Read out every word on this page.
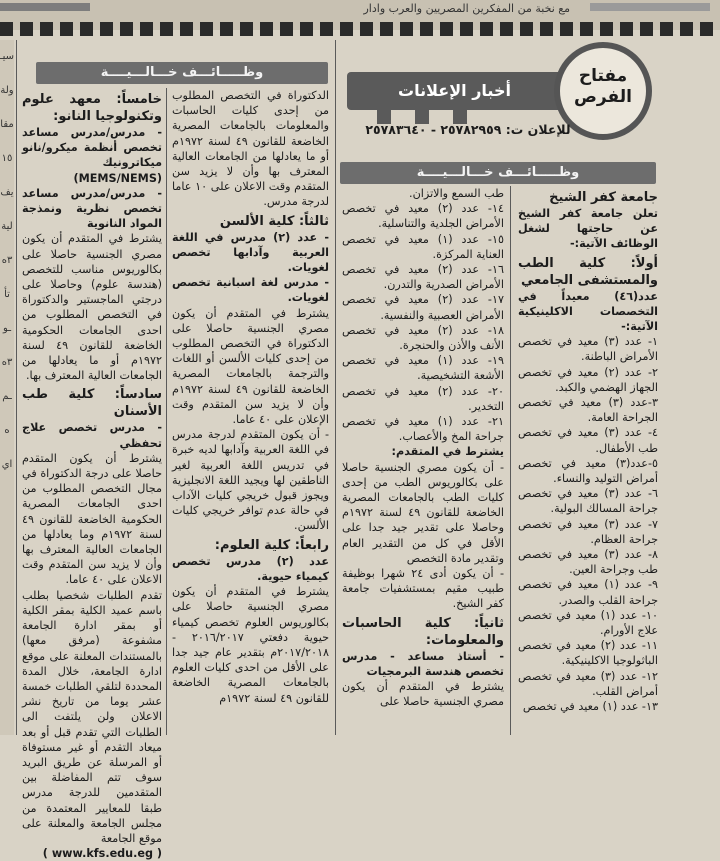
مع نخبة من المفكرين المصريين والعرب وادار
سيـ
ولة
مقا
١٥
يف
لية
٣ه
تأ
ـو
٣ه
ـم
ه
اي
أخبار الإعلانات
مفتاح
الفرص
للإعلان ت: ٢٥٧٨٢٩٥٩ - ٢٥٧٨٣٦٤٠
وظـــــائـــف خـــالـــيــــة
وظـــــائـــف خـــالـــيــــة

جامعة كفر الشيخ

تعلن جامعة كفر الشيخ عن حاجتها لشغل الوظائف الآتية:-

أولاً: كلية الطب والمستشفى الجامعي

عدد(٤٦) معيداً في التخصصات الاكلينيكية الآتية:-

١- عدد (٣) معيد في تخصص الأمراض الباطنة.

٢- عدد (٢) معيد في تخصص الجهاز الهضمي والكبد.

٣-عدد (٣) معيد في تخصص الجراحة العامة.

٤- عدد (٣) معيد في تخصص طب الأطفال.

٥-عدد(٣) معيد في تخصص أمراض التوليد والنساء.

٦- عدد (٣) معيد في تخصص جراحة المسالك البولية.

٧- عدد (٣) معيد في تخصص جراحة العظام.

٨- عدد (٣) معيد في تخصص طب وجراحة العين.

٩- عدد (١) معيد في تخصص جراحة القلب والصدر.

١٠- عدد (١) معيد في تخصص علاج الأورام.

١١- عدد (٢) معيد في تخصص الباثولوجيا الاكلينيكية.

١٢- عدد (٣) معيد في تخصص أمراض القلب.

١٣- عدد (١) معيد في تخصص

طب السمع والاتزان.

١٤- عدد (٢) معيد في تخصص الأمراض الجلدية والتناسلية.

١٥- عدد (١) معيد في تخصص العناية المركزة.

١٦- عدد (٢) معيد في تخصص الأمراض الصدرية والتدرن.

١٧- عدد (٢) معيد في تخصص الأمراض العصبية والنفسية.

١٨- عدد (٢) معيد في تخصص الأنف والأذن والحنجرة.

١٩- عدد (١) معيد في تخصص الأشعة التشخيصية.

٢٠- عدد (٢) معيد في تخصص التخدير.

٢١- عدد (١) معيد في تخصص جراحة المخ والأعصاب.

يشترط في المتقدم:

- أن يكون مصري الجنسية حاصلا على بكالوريوس الطب من إحدى كليات الطب بالجامعات المصرية الخاضعة للقانون ٤٩ لسنة ١٩٧٢م وحاصلا على تقدير جيد جدا على الأقل في كل من التقدير العام وتقدير مادة التخصص

- أن يكون أدى ٢٤ شهرا بوظيفة طبيب مقيم بمستشفيات جامعة كفر الشيخ.

ثانياً: كلية الحاسبات والمعلومات:

- أستاذ مساعد - مدرس تخصص هندسة البرمجيات

يشترط في المتقدم أن يكون مصري الجنسية حاصلا على

الدكتوراة في التخصص المطلوب من إحدى كليات الحاسبات والمعلومات بالجامعات المصرية الخاضعة للقانون ٤٩ لسنة ١٩٧٢م أو ما يعادلها من الجامعات العالية المعترف بها وأن لا يزيد سن المتقدم وقت الاعلان على ١٠ عاما لدرجة مدرس.

ثالثاً: كلية الألسن

- عدد (٢) مدرس في اللغة العربية وآدابها تخصص لغويات.

- مدرس لغة اسبانية تخصص لغويات.

يشترط في المتقدم أن يكون مصري الجنسية حاصلا على الدكتوراة في التخصص المطلوب من إحدى كليات الألسن أو اللغات والترجمة بالجامعات المصرية الخاضعة للقانون ٤٩ لسنة ١٩٧٢م وأن لا يزيد سن المتقدم وقت الإعلان على ٤٠ عاما.

- أن يكون المتقدم لدرجة مدرس في اللغة العربية وآدابها لديه خبرة في تدريس اللغة العربية لغير الناطقين لها ويجيد اللغة الانجليزية ويجوز قبول خريجي كليات الآداب في حالة عدم توافر خريجي كليات الألسن.

رابعاً: كلية العلوم:

عدد (٢) مدرس تخصص كيمياء حيوية.

يشترط في المتقدم أن يكون مصري الجنسية حاصلا على بكالوريوس العلوم تخصص كيمياء حيوية دفعتي ٢٠١٦/٢٠١٧ - ٢٠١٧/٢٠١٨م بتقدير عام جيد جدا على الأقل من احدى كليات العلوم بالجامعات المصرية الخاضعة للقانون ٤٩ لسنة ١٩٧٢م

خامساً: معهد علوم وتكنولوجيا النانو:

- مدرس/مدرس مساعد تخصص أنظمة ميكرو/نانو ميكاترونيك (MEMS/NEMS)

- مدرس/مدرس مساعد تخصص نظرية ونمذجة المواد النانوية

يشترط في المتقدم أن يكون مصري الجنسية حاصلا على بكالوريوس مناسب للتخصص (هندسة علوم) وحاصلا على درجتي الماجستير والدكتوراة في التخصص المطلوب من احدى الجامعات الحكومية الخاضعة للقانون ٤٩ لسنة ١٩٧٢م أو ما يعادلها من الجامعات العالية المعترف بها.

سادساً: كلية طب الأسنان

- مدرس تخصص علاج تحفظي

يشترط أن يكون المتقدم حاصلا على درجة الدكتوراة في مجال التخصص المطلوب من احدى الجامعات المصرية الحكومية الخاضعة للقانون ٤٩ لسنة ١٩٧٢م وما يعادلها من الجامعات العالية المعترف بها وأن لا يزيد سن المتقدم وقت الاعلان على ٤٠ عاما.

تقدم الطلبات شخصيا بطلب باسم عميد الكلية بمقر الكلية أو بمقر ادارة الجامعة مشفوعة (مرفق معها) بالمستندات المعلنة على موقع ادارة الجامعة، خلال المدة المحددة لتلقي الطلبات خمسة عشر يوما من تاريخ نشر الاعلان ولن يلتفت الى الطلبات التي تقدم قبل أو بعد ميعاد التقدم أو غير مستوفاة أو المرسلة عن طريق البريد سوف تتم المفاضلة بين المتقدمين للدرجة مدرس طبقا للمعايير المعتمدة من مجلس الجامعة والمعلنة على موقع الجامعة

( www.kfs.edu.eg )
